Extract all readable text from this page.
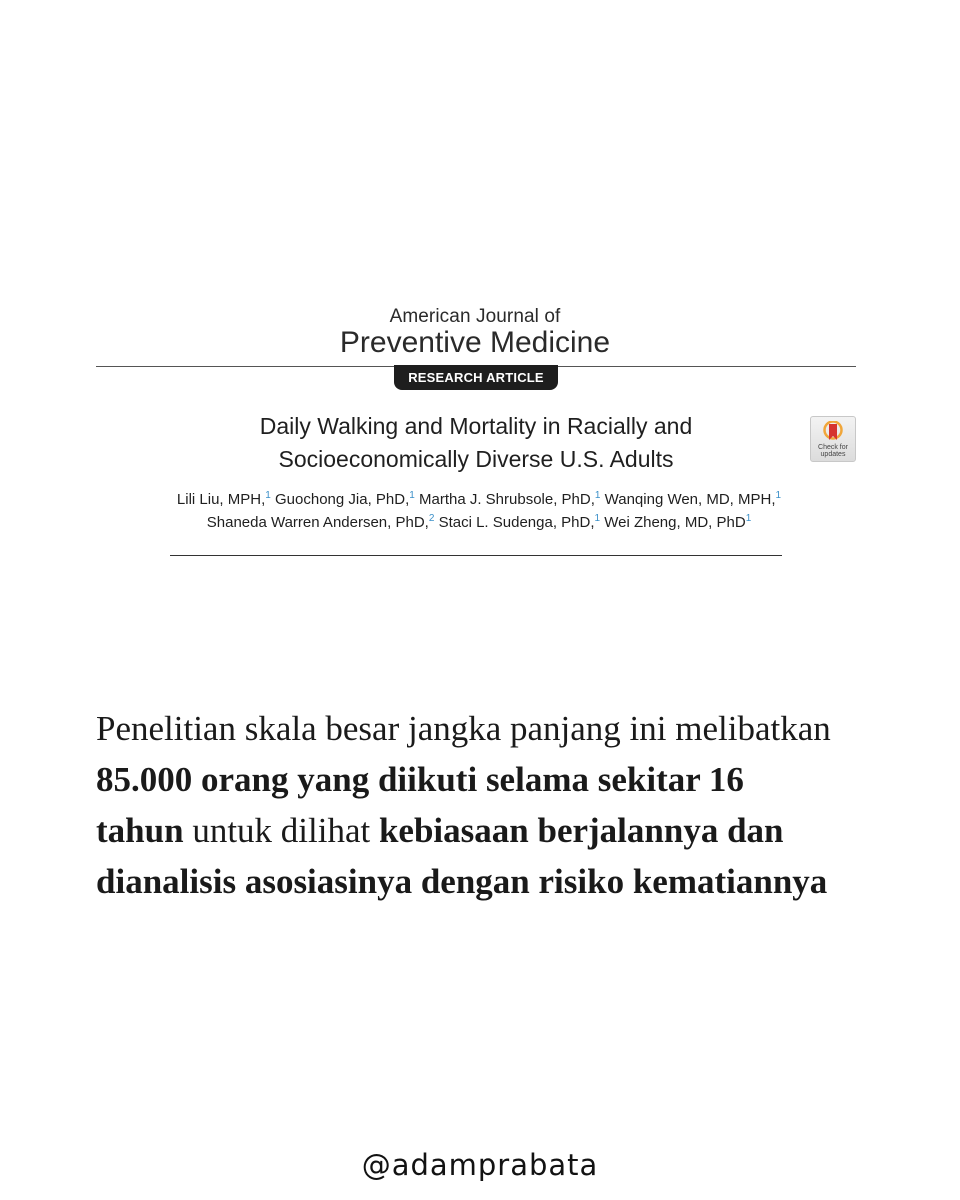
American Journal of
Preventive Medicine
RESEARCH ARTICLE
Daily Walking and Mortality in Racially and
Socioeconomically Diverse U.S. Adults	Check for
updates
Lili Liu, MPH,$^1$ Guochong Jia, PhD,$^1$ Martha J. Shrubsole, PhD,$^1$ Wanqing Wen, MD, MPH,$^1$
Shaneda Warren Andersen, PhD,$^2$ Staci L. Sudenga, PhD,$^1$ Wei Zheng, MD, PhD$^1$

Penelitian skala besar jangka panjang ini melibatkan 85.000 orang yang diikuti selama sekitar 16 tahun untuk dilihat kebiasaan berjalannya dan dianalisis asosiasinya dengan risiko kematiannya

@adamprabata
